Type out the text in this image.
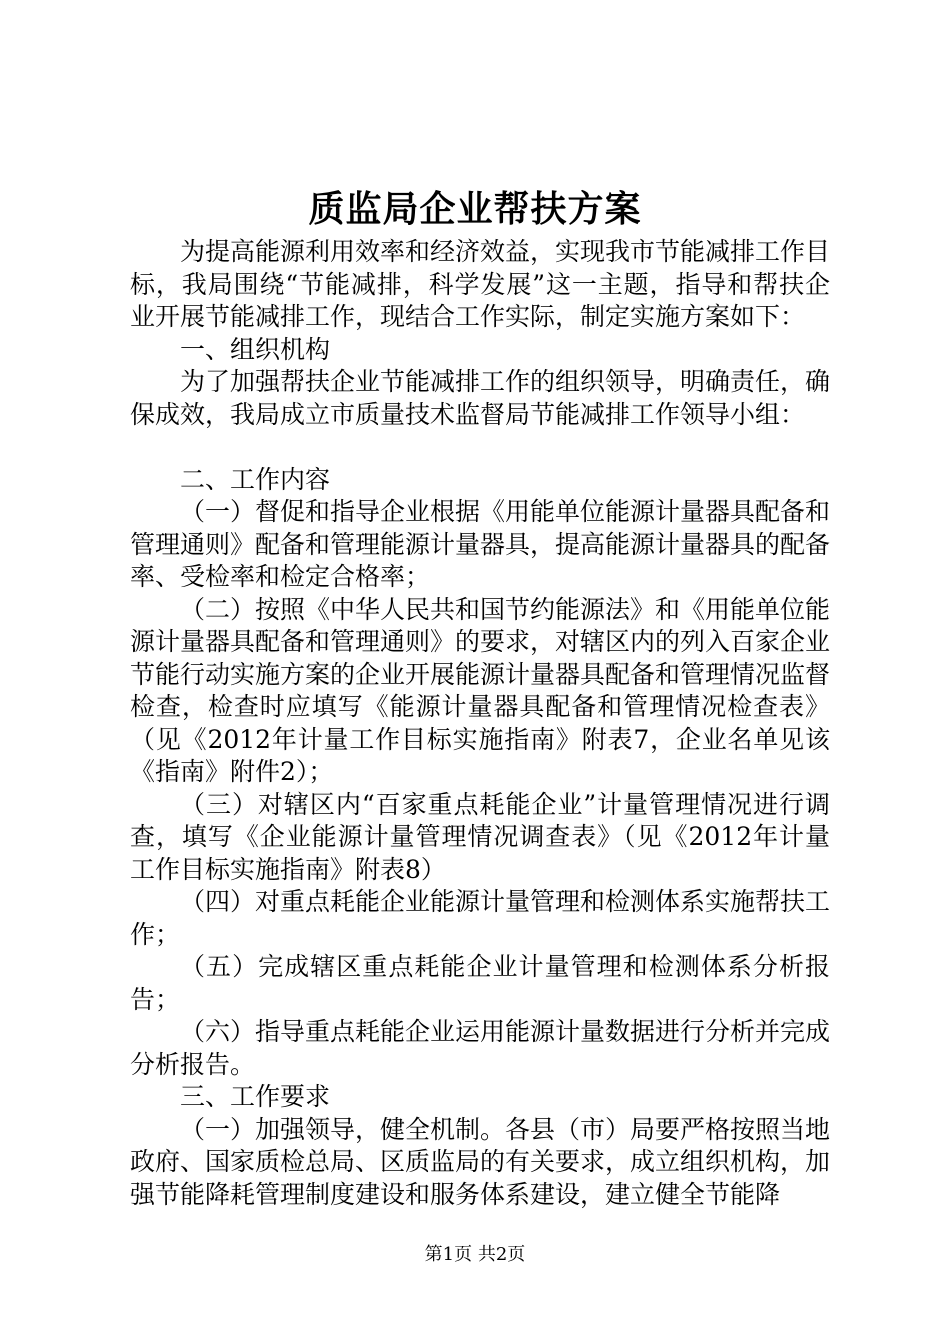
质监局企业帮扶方案

为提高能源利用效率和经济效益，实现我市节能减排工作目标，我局围绕“节能减排，科学发展”这一主题，指导和帮扶企业开展节能减排工作，现结合工作实际，制定实施方案如下：

一、组织机构

为了加强帮扶企业节能减排工作的组织领导，明确责任，确保成效，我局成立市质量技术监督局节能减排工作领导小组：

二、工作内容

（一）督促和指导企业根据《用能单位能源计量器具配备和管理通则》配备和管理能源计量器具，提高能源计量器具的配备率、受检率和检定合格率；

（二）按照《中华人民共和国节约能源法》和《用能单位能源计量器具配备和管理通则》的要求，对辖区内的列入百家企业节能行动实施方案的企业开展能源计量器具配备和管理情况监督检查，检查时应填写《能源计量器具配备和管理情况检查表》（见《2012年计量工作目标实施指南》附表7，企业名单见该《指南》附件2）；

（三）对辖区内“百家重点耗能企业”计量管理情况进行调查，填写《企业能源计量管理情况调查表》（见《2012年计量工作目标实施指南》附表8）

（四）对重点耗能企业能源计量管理和检测体系实施帮扶工作；

（五）完成辖区重点耗能企业计量管理和检测体系分析报告；

（六）指导重点耗能企业运用能源计量数据进行分析并完成分析报告。

三、工作要求

（一）加强领导，健全机制。各县（市）局要严格按照当地政府、国家质检总局、区质监局的有关要求，成立组织机构，加强节能降耗管理制度建设和服务体系建设，建立健全节能降

第1页 共2页
